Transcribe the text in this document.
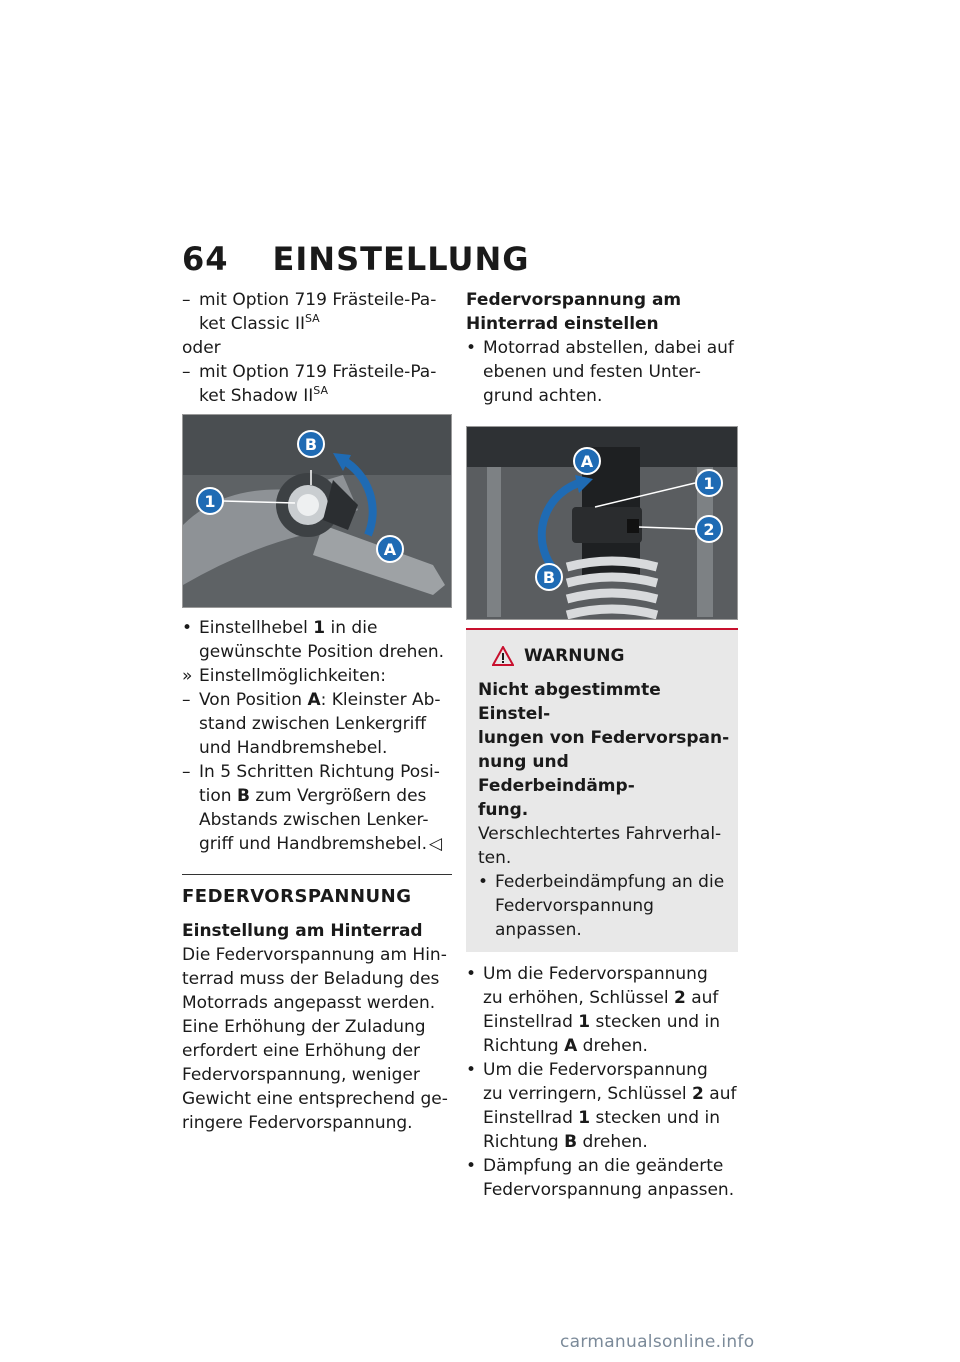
64 EINSTELLUNG
– mit Option 719 Frästeile-Pa-
ket Classic $II^{SA}$
oder
– mit Option 719 Frästeile-Pa-
ket Shadow $II^{SA}$
B
1
A
• Einstellhebel 1 in die
gewünschte Position drehen.
» Einstellmöglichkeiten:
– Von Position A: Kleinster Ab-
stand zwischen Lenkergriff
und Handbremshebel.
– In 5 Schritten Richtung Posi-
tion B zum Vergrößern des
Abstands zwischen Lenker-
griff und Handbremshebel. ◁
FEDERVORSPANNUNG
Einstellung am Hinterrad
Die Federvorspannung am Hin-
terrad muss der Beladung des
Motorrads angepasst werden.
Eine Erhöhung der Zuladung
erfordert eine Erhöhung der
Federvorspannung, weniger
Gewicht eine entsprechend ge-
ringere Federvorspannung.
Federvorspannung am
Hinterrad einstellen
• Motorrad abstellen, dabei auf
ebenen und festen Unter-
grund achten.
A
1
2
B
WARNUNG
Nicht abgestimmte Einstel-
lungen von Federvorspan-
nung und Federbeindämp-
fung.
Verschlechtertes Fahrverhal-
ten.
• Federbeindämpfung an die
Federvorspannung anpassen.
• Um die Federvorspannung
zu erhöhen, Schlüssel 2 auf
Einstellrad 1 stecken und in
Richtung A drehen.
• Um die Federvorspannung
zu verringern, Schlüssel 2 auf
Einstellrad 1 stecken und in
Richtung B drehen.
• Dämpfung an die geänderte
Federvorspannung anpassen.
carmanualsonline.info
